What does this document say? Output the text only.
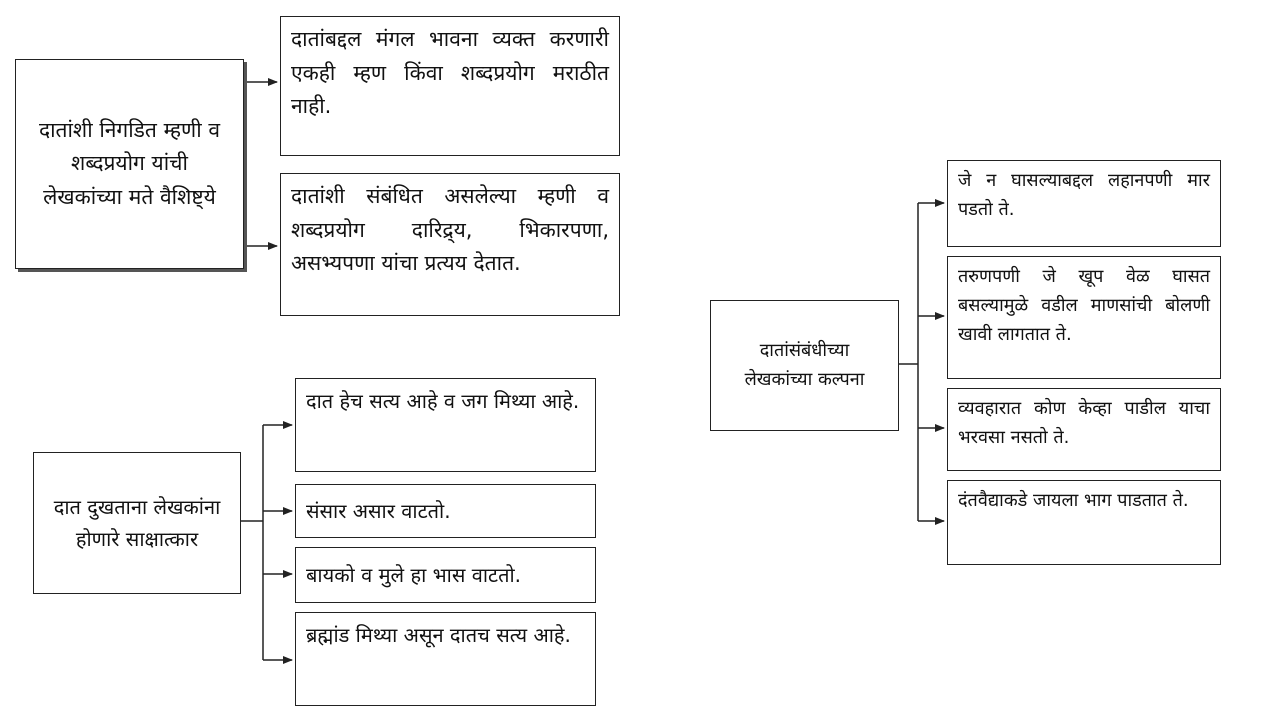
दातांशी निगडित म्हणी व शब्दप्रयोग यांची लेखकांच्या मते वैशिष्ट्ये
दातांबद्दल मंगल भावना व्यक्त करणारी एकही म्हण किंवा शब्दप्रयोग मराठीत नाही.
दातांशी संबंधित असलेल्या म्हणी व शब्दप्रयोग दारिद्र्य, भिकारपणा, असभ्यपणा यांचा प्रत्यय देतात.
दात दुखताना लेखकांना होणारे साक्षात्कार
दात हेच सत्य आहे व जग मिथ्या आहे.
संसार असार वाटतो.
बायको व मुले हा भास वाटतो.
ब्रह्मांड मिथ्या असून दातच सत्य आहे.
दातांसंबंधीच्या लेखकांच्या कल्पना
जे न घासल्याबद्दल लहानपणी मार पडतो ते.
तरुणपणी जे खूप वेळ घासत बसल्यामुळे वडील माणसांची बोलणी खावी लागतात ते.
व्यवहारात कोण केव्हा पाडील याचा भरवसा नसतो ते.
दंतवैद्याकडे जायला भाग पाडतात ते.
